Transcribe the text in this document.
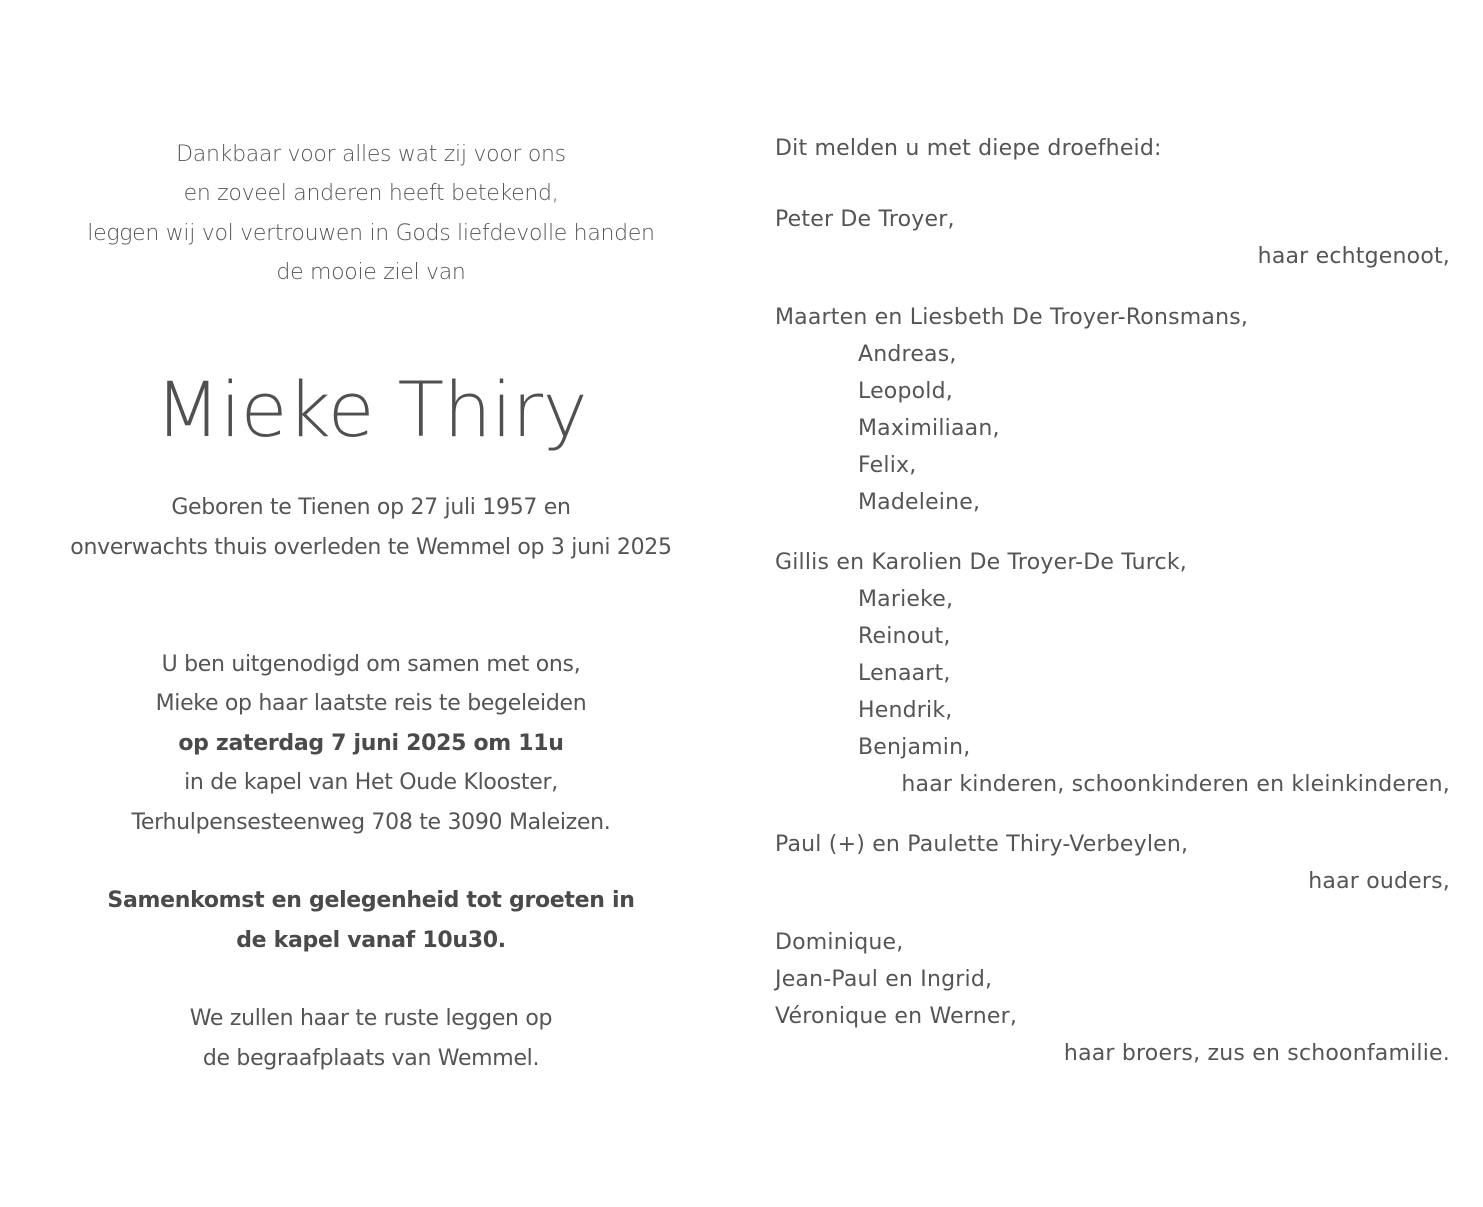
Dankbaar voor alles wat zij voor ons
en zoveel anderen heeft betekend,
leggen wij vol vertrouwen in Gods liefdevolle handen
de mooie ziel van
Mieke Thiry
Geboren te Tienen op 27 juli 1957 en
onverwachts thuis overleden te Wemmel op 3 juni 2025
U ben uitgenodigd om samen met ons,
Mieke op haar laatste reis te begeleiden
op zaterdag 7 juni 2025 om 11u
in de kapel van Het Oude Klooster,
Terhulpensesteenweg 708 te 3090 Maleizen.
Samenkomst en gelegenheid tot groeten in
de kapel vanaf 10u30.
We zullen haar te ruste leggen op
de begraafplaats van Wemmel.
Dit melden u met diepe droefheid:
Peter De Troyer,
haar echtgenoot,
Maarten en Liesbeth De Troyer-Ronsmans,
Andreas,
Leopold,
Maximiliaan,
Felix,
Madeleine,
Gillis en Karolien De Troyer-De Turck,
Marieke,
Reinout,
Lenaart,
Hendrik,
Benjamin,
haar kinderen, schoonkinderen en kleinkinderen,
Paul (+) en Paulette Thiry-Verbeylen,
haar ouders,
Dominique,
Jean-Paul en Ingrid,
Véronique en Werner,
haar broers, zus en schoonfamilie.
